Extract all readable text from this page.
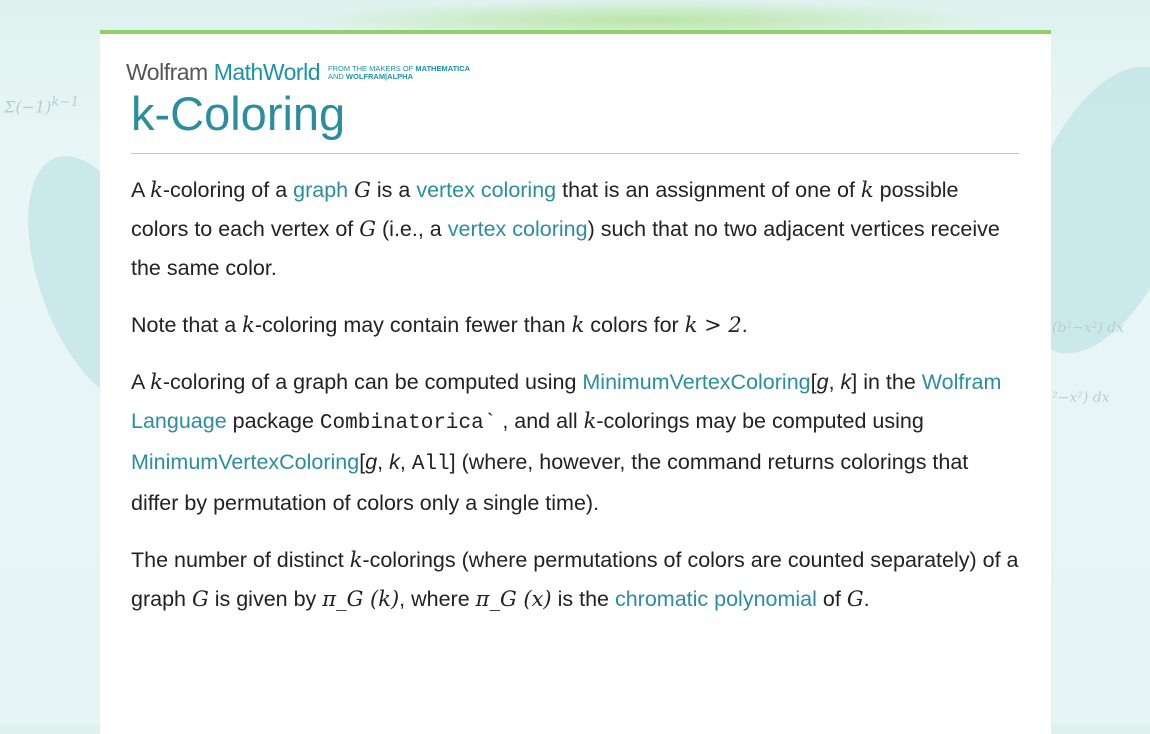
$\Sigma(-1)^{k-1}$
(b²−x²) dx
²−x²) dx
Wolfram MathWorld FROM THE MAKERS OF MATHEMATICA
AND WOLFRAM|ALPHA
k-Coloring

A k-coloring of a graph G is a vertex coloring that is an assignment of one of k possible colors to each vertex of G (i.e., a vertex coloring) such that no two adjacent vertices receive the same color.

Note that a k-coloring may contain fewer than k colors for k > 2.

A k-coloring of a graph can be computed using MinimumVertexColoring[g, k] in the Wolfram Language package Combinatorica` , and all k-colorings may be computed using MinimumVertexColoring[g, k, All] (where, however, the command returns colorings that differ by permutation of colors only a single time).

The number of distinct k-colorings (where permutations of colors are counted separately) of a graph G is given by π_G (k), where π_G (x) is the chromatic polynomial of G.
